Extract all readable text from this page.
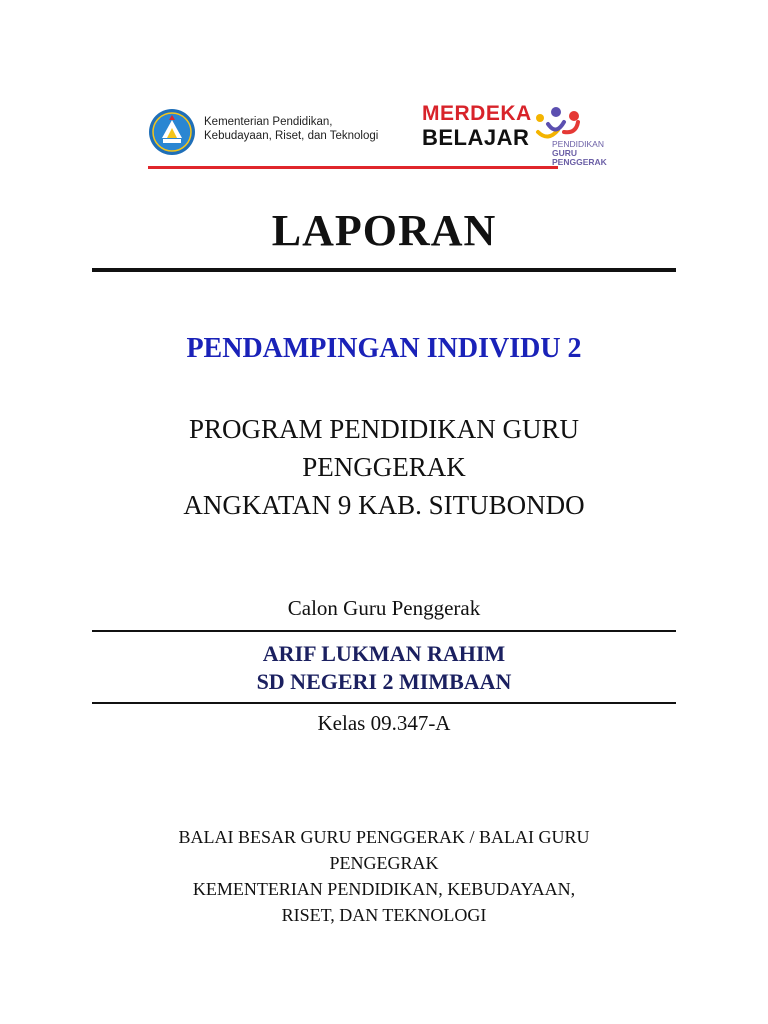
Kementerian Pendidikan,
Kebudayaan, Riset, dan Teknologi
MERDEKA
BELAJAR	PENDIDIKAN
GURU
PENGGERAK
LAPORAN
PENDAMPINGAN INDIVIDU 2
PROGRAM PENDIDIKAN GURU
PENGGERAK
ANGKATAN 9 KAB. SITUBONDO
Calon Guru Penggerak
ARIF LUKMAN RAHIM
SD NEGERI 2 MIMBAAN
Kelas 09.347-A
BALAI BESAR GURU PENGGERAK / BALAI GURU
PENGEGRAK
KEMENTERIAN PENDIDIKAN, KEBUDAYAAN,
RISET, DAN TEKNOLOGI
